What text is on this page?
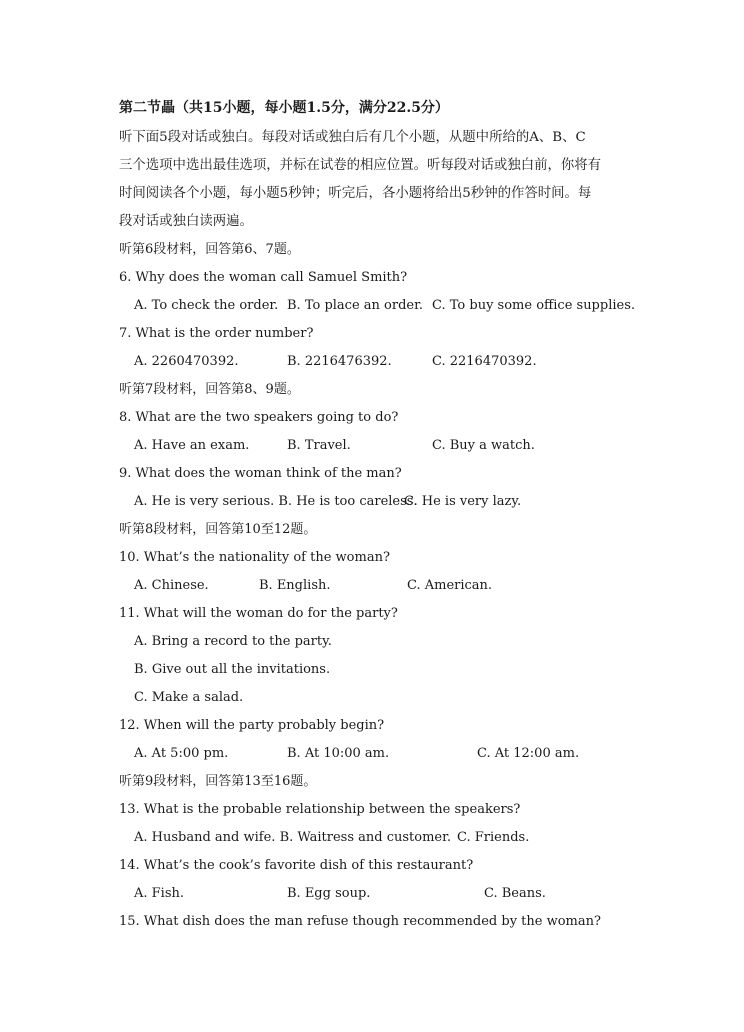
第二节畾（共15小题，每小题1.5分，满分22.5分）
听下面5段对话或独白。每段对话或独白后有几个小题，从题中所给的A、B、C
三个选项中选出最佳选项，并标在试卷的相应位置。听每段对话或独白前，你将有
时间阅读各个小题，每小题5秒钟；听完后，各小题将给出5秒钟的作答时间。每
段对话或独白读两遍。
听第6段材料，回答第6、7题。
6. Why does the woman call Samuel Smith?
A. To check the order. B. To place an order. C. To buy some office supplies.
7. What is the order number?
A. 2260470392.	B. 2216476392.	C. 2216470392.
听第7段材料，回答第8、9题。
8. What are the two speakers going to do?
A. Have an exam.	B. Travel.	C. Buy a watch.
9. What does the woman think of the man?
A. He is very serious. B. He is too careless.
C. He is very lazy.
听第8段材料，回答第10至12题。
10. What’s the nationality of the woman?
A. Chinese.	B. English.	C. American.
11. What will the woman do for the party?
A. Bring a record to the party.
B. Give out all the invitations.
C. Make a salad.
12. When will the party probably begin?
A. At 5:00 pm.	B. At 10:00 am.	C. At 12:00 am.
听第9段材料，回答第13至16题。
13. What is the probable relationship between the speakers?
A. Husband and wife. B. Waitress and customer. C. Friends.
14. What’s the cook’s favorite dish of this restaurant?
A. Fish.	B. Egg soup.	C. Beans.
15. What dish does the man refuse though recommended by the woman?
